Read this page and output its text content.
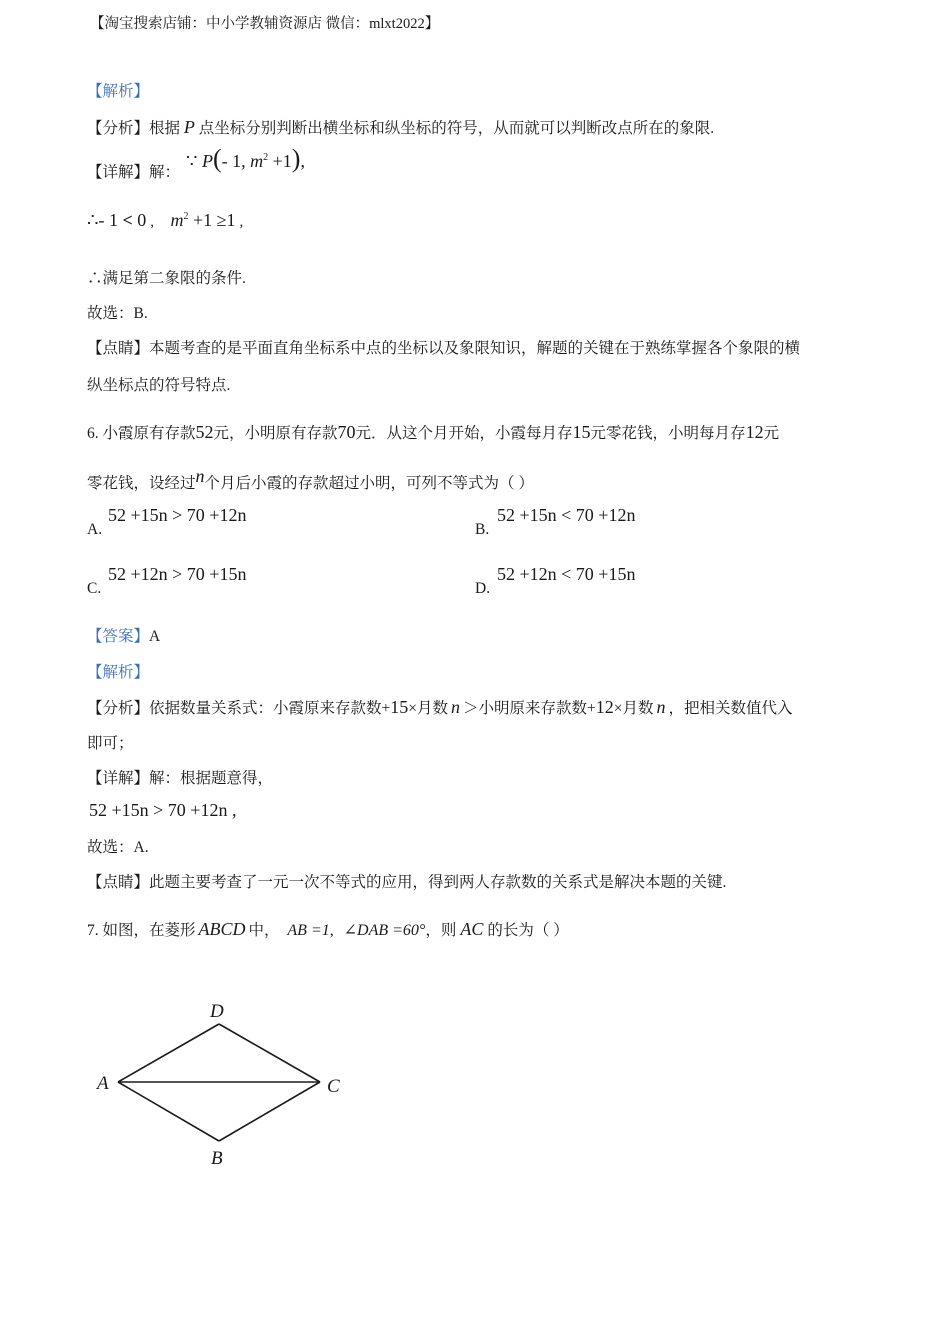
【淘宝搜索店铺：中小学教辅资源店 微信：mlxt2022】
【解析】
【分析】根据 P 点坐标分别判断出横坐标和纵坐标的符号，从而就可以判断改点所在的象限.
【详解】解：
∵ P(- 1, $m^2 +1$),
∴- 1 < 0 , $m^2 +1 \ge 1$ ,
∴满足第二象限的条件.
故选：B.
【点睛】本题考查的是平面直角坐标系中点的坐标以及象限知识，解题的关键在于熟练掌握各个象限的横
纵坐标点的符号特点.
6. 小霞原有存款52元，小明原有存款70元．从这个月开始，小霞每月存15元零花钱，小明每月存12元
零花钱，设经过n个月后小霞的存款超过小明，可列不等式为（ ）
A.
52 +15n > 70 +12n
B.
52 +15n < 70 +12n
C.
52 +12n > 70 +15n
D.
52 +12n < 70 +15n
【答案】A
【解析】
【分析】依据数量关系式：小霞原来存款数+15×月数 n ＞小明原来存款数+12×月数 n ，把相关数值代入
即可；
【详解】解：根据题意得，
52 +15n > 70 +12n ,
故选：A.
【点睛】此题主要考查了一元一次不等式的应用，得到两人存款数的关系式是解决本题的关键.
7. 如图，在菱形 ABCD 中， AB =1, ∠DAB =60°，则 AC 的长为（ ）
D
A	C
B
